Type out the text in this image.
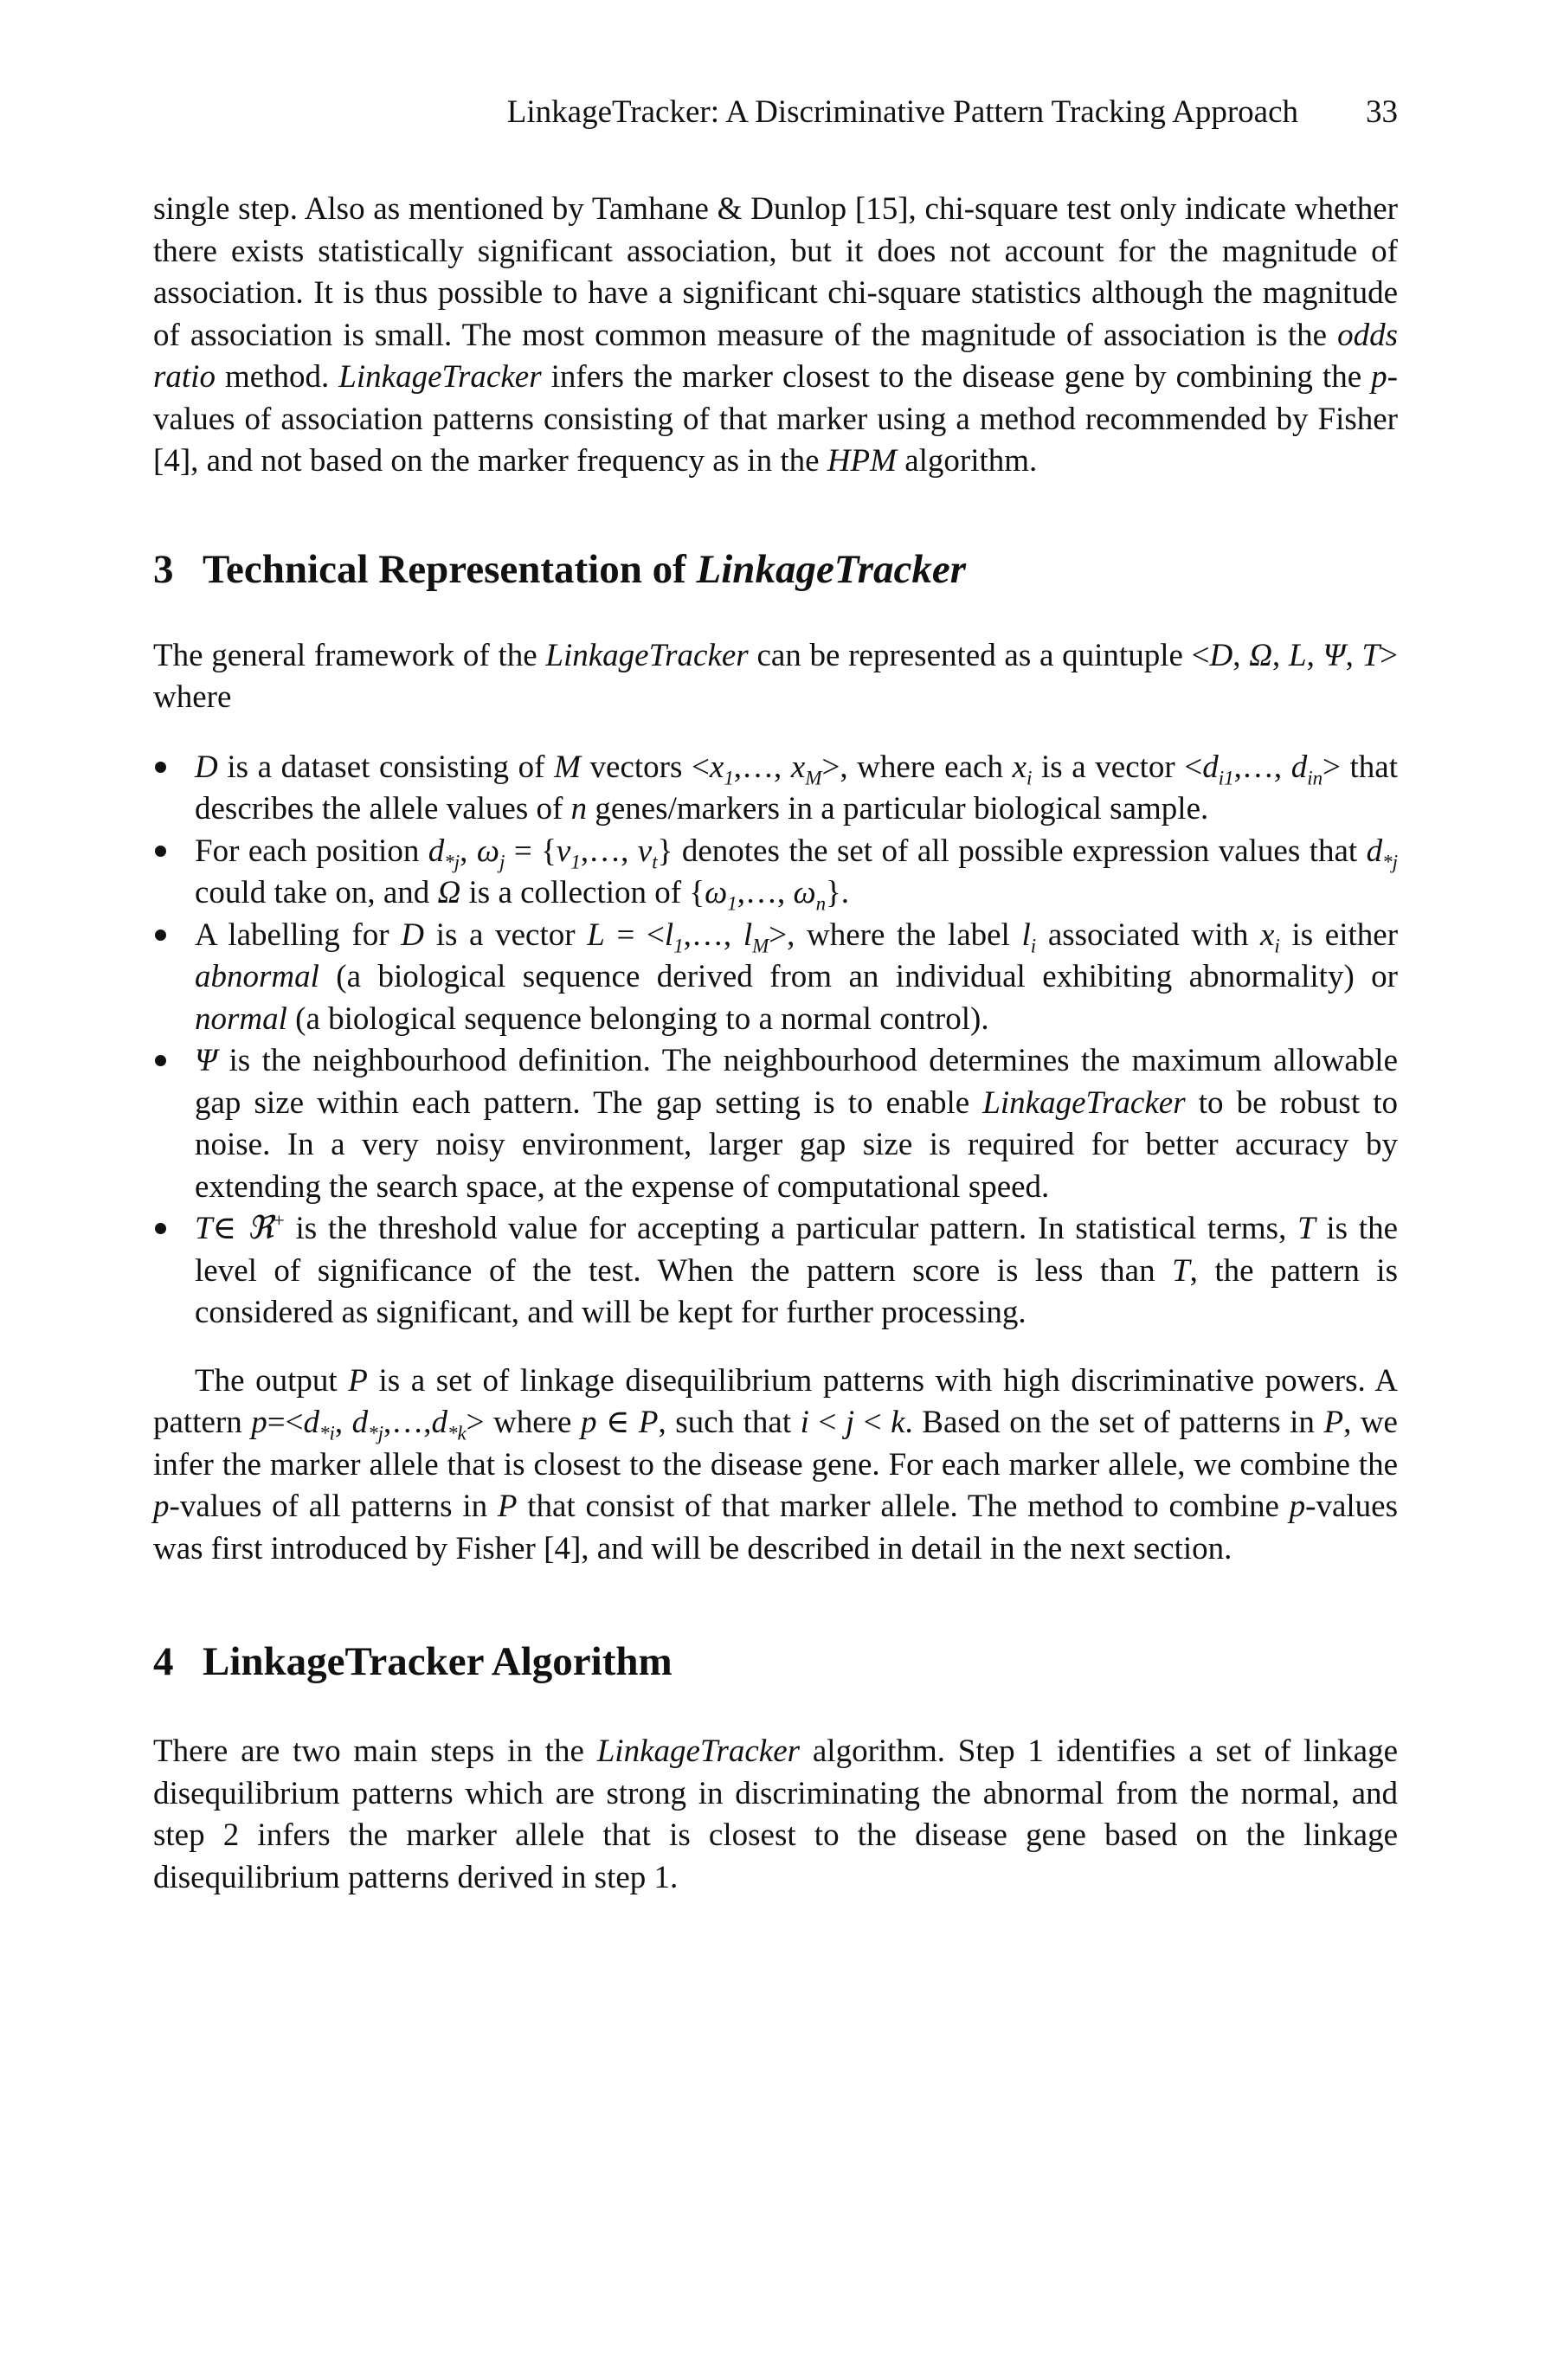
LinkageTracker: A Discriminative Pattern Tracking Approach 33

single step. Also as mentioned by Tamhane & Dunlop [15], chi-square test only indicate whether there exists statistically significant association, but it does not account for the magnitude of association. It is thus possible to have a significant chi-square statistics although the magnitude of association is small. The most common measure of the magnitude of association is the odds ratio method. LinkageTracker infers the marker closest to the disease gene by combining the p-values of association patterns consisting of that marker using a method recommended by Fisher [4], and not based on the marker frequency as in the HPM algorithm.

3 Technical Representation of LinkageTracker

The general framework of the LinkageTracker can be represented as a quintuple <D, Ω, L, Ψ, T> where

D is a dataset consisting of M vectors $<x_1,\dots$, $x_M>$, where each $x_i$ is a vector $<d_{i1},\dots$, $d_{in}>$ that describes the allele values of n genes/markers in a particular biological sample.
For each position $d_{*j}$, $\omega_j$ = {$v_1,\dots$, $v_t$} denotes the set of all possible expression values that $d_{*j}$ could take on, and Ω is a collection of {$\omega_1,\dots$, $\omega_n$}.
A labelling for D is a vector $L = <l_1,\dots$, $l_M>$, where the label $l_i$ associated with $x_i$ is either abnormal (a biological sequence derived from an individual exhibiting abnormality) or normal (a biological sequence belonging to a normal control).
Ψ is the neighbourhood definition. The neighbourhood determines the maximum allowable gap size within each pattern. The gap setting is to enable LinkageTracker to be robust to noise. In a very noisy environment, larger gap size is required for better accuracy by extending the search space, at the expense of computational speed.
T∈ ℜ+ is the threshold value for accepting a particular pattern. In statistical terms, T is the level of significance of the test. When the pattern score is less than T, the pattern is considered as significant, and will be kept for further processing.

The output P is a set of linkage disequilibrium patterns with high discriminative powers. A pattern $p=<d_{*i}$, $d_{*j},\dots,d_{*k}>$ where p ∈ P, such that i < j < k. Based on the set of patterns in P, we infer the marker allele that is closest to the disease gene. For each marker allele, we combine the p-values of all patterns in P that consist of that marker allele. The method to combine p-values was first introduced by Fisher [4], and will be described in detail in the next section.

4 LinkageTracker Algorithm

There are two main steps in the LinkageTracker algorithm. Step 1 identifies a set of linkage disequilibrium patterns which are strong in discriminating the abnormal from the normal, and step 2 infers the marker allele that is closest to the disease gene based on the linkage disequilibrium patterns derived in step 1.
